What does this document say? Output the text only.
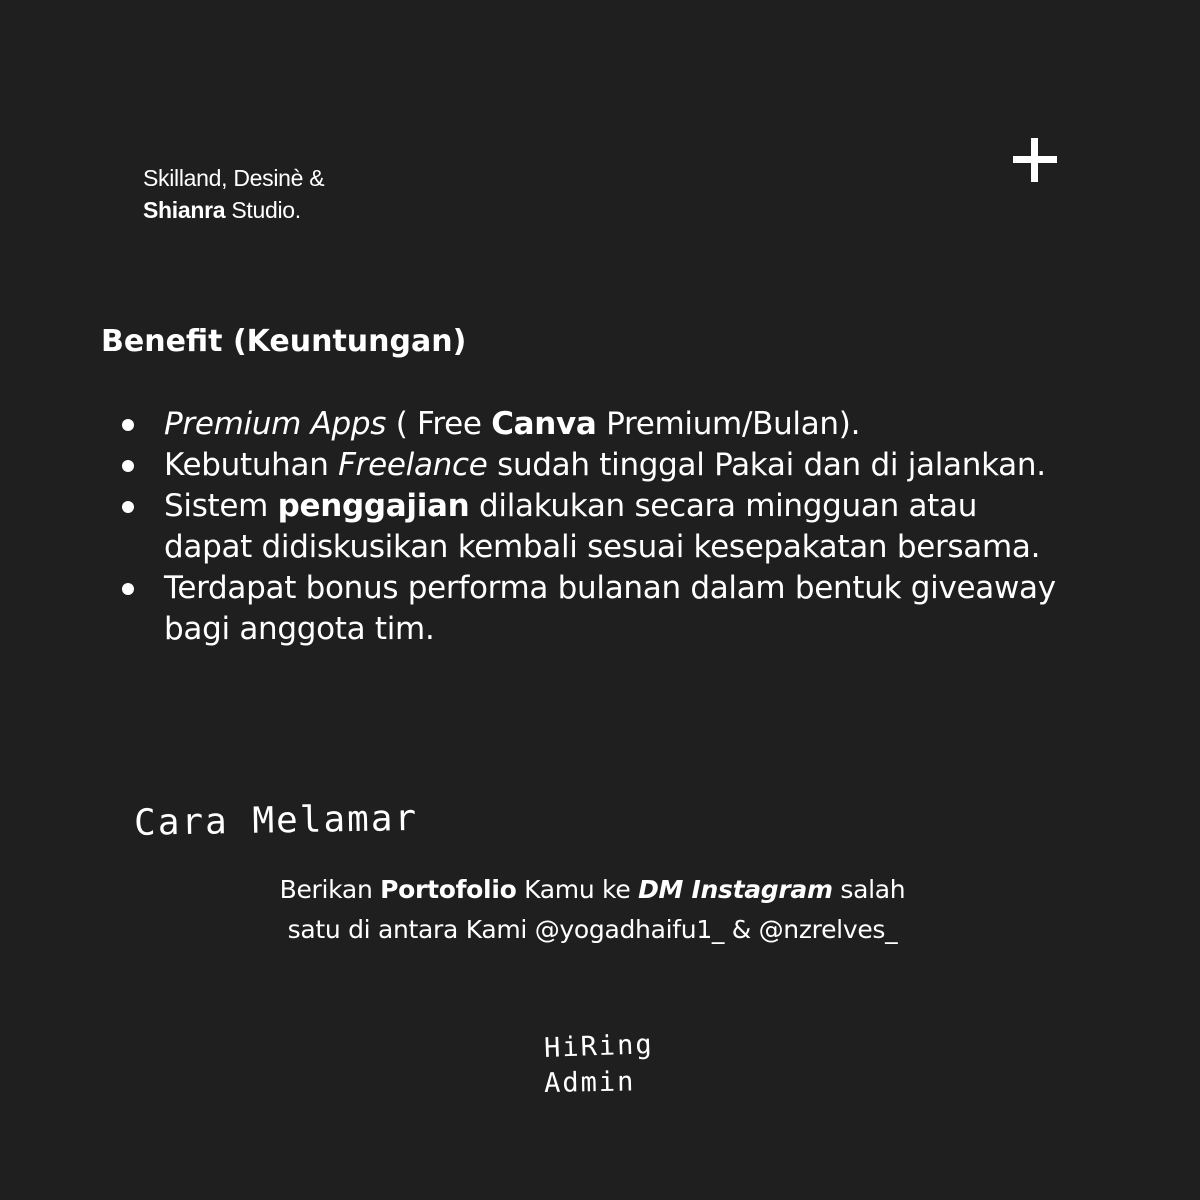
Skilland, Desinè &
Shianra Studio.
Benefit (Keuntungan)
Premium Apps ( Free Canva Premium/Bulan).
Kebutuhan Freelance sudah tinggal Pakai dan di jalankan.
Sistem penggajian dilakukan secara mingguan atau dapat didiskusikan kembali sesuai kesepakatan bersama.
Terdapat bonus performa bulanan dalam bentuk giveaway bagi anggota tim.
Cara Melamar

Berikan Portofolio Kamu ke DM Instagram salah
satu di antara Kami @yogadhaifu1_ & @nzrelves_

HiRing
Admin
